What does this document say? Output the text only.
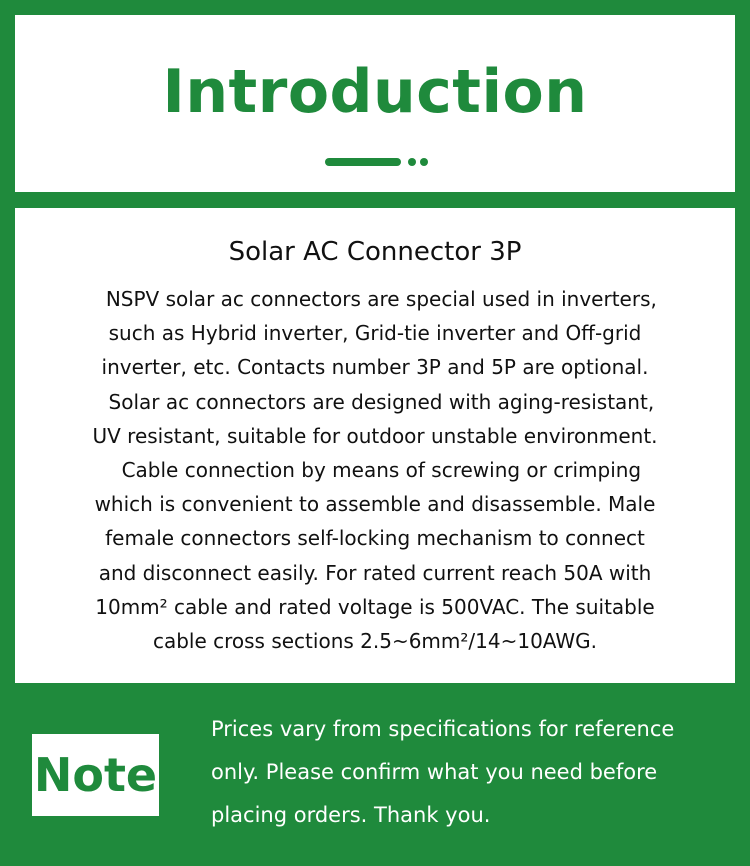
Introduction
Solar AC Connector 3P
NSPV solar ac connectors are special used in inverters,
such as Hybrid inverter, Grid-tie inverter and Off-grid
inverter, etc. Contacts number 3P and 5P are optional.
Solar ac connectors are designed with aging-resistant,
UV resistant, suitable for outdoor unstable environment.
Cable connection by means of screwing or crimping
which is convenient to assemble and disassemble. Male
female connectors self-locking mechanism to connect
and disconnect easily. For rated current reach 50A with
10mm² cable and rated voltage is 500VAC. The suitable
cable cross sections 2.5~6mm²/14~10AWG.
Note
Prices vary from specifications for reference
only. Please confirm what you need before
placing orders. Thank you.
